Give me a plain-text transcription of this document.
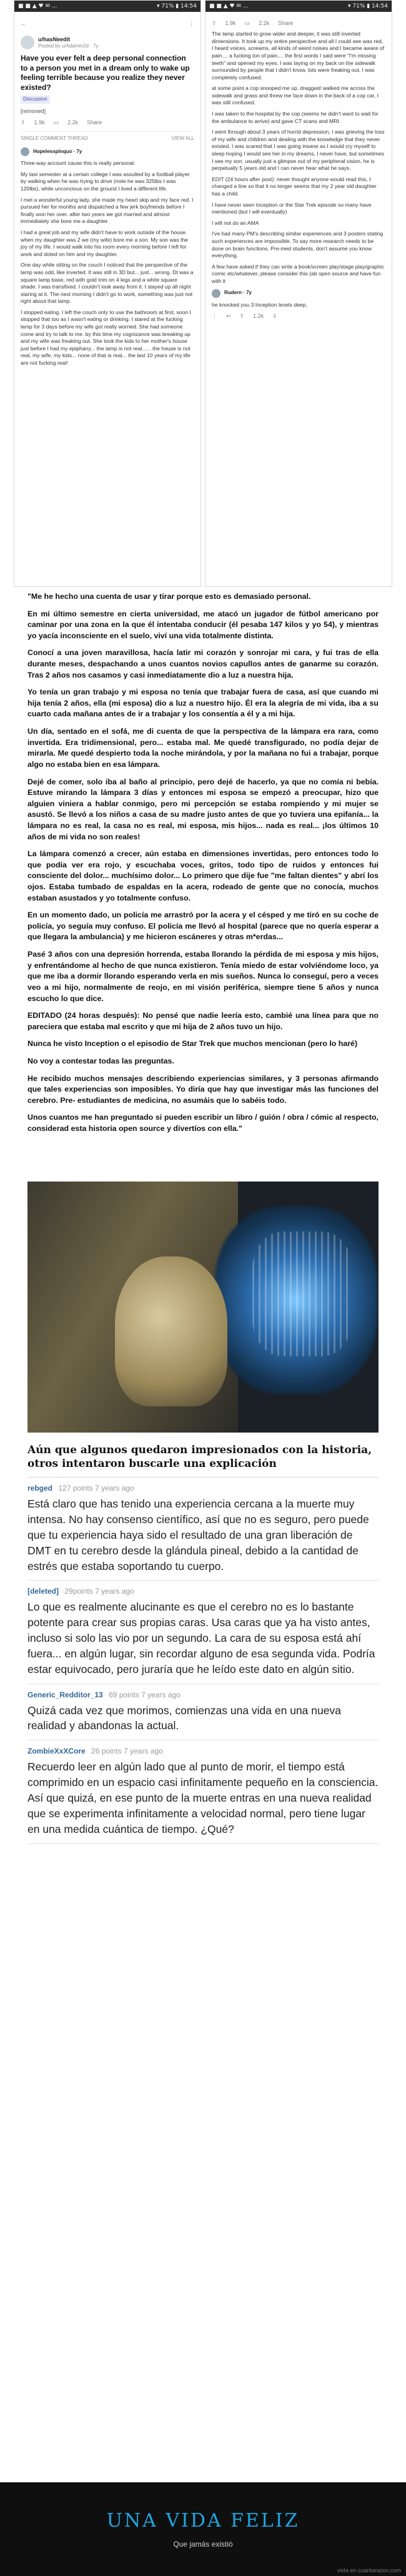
■ ■ ▲ ♥ ✉ ...	▾ 71% ▮ 14:54
←	⋮
u/hasNeedit
Posted by u/Adamm2d · 7y
Have you ever felt a deep personal connection to a person you met in a dream only to wake up feeling terrible because you realize they never existed?
Discussion
[removed]
⇧ 1.9k ▭ 2.2k Share
SINGLE COMMENT THREAD	VIEW ALL
Hopelesspinquo · 7y

Three-way account cause this is really personal.

My last semester at a certain college I was assulted by a football player by walking when he was trying to drive (note he was 325lbs I was 120lbs), while unconcious on the ground I lived a different life.

I met a wonderful young lady, she made my heart skip and my face red. I pursued her for months and dispatched a few jerk boyfriends before I finally won her over. after two years we got married and almost immediately she bore me a daughter.

I had a great job and my wife didn't have to work outside of the house. when my daughter was 2 we (my wife) bore me a son. My son was the joy of my life. I would walk into his room every morning before I left for work and doted on him and my daughter.

One day while sitting on the couch I noticed that the perspective of the lamp was odd, like inverted. It was still in 3D but... just... wrong. Dt was a square lamp base, red with gold trim on 4 legs and a white square shade. I was transfixed. I couldn't look away from it. I stayed up all night staring at it. The next morning I didn't go to work, something was just not right about that lamp.

I stopped eating. I left the couch only to use the bathroom at first, soon I stopped that too as I wasn't eating or drinking. I stared at the fucking lamp for 3 days before my wife got really worried. She had someone come and try to talk to me. by this time my cognizance was breaking up and my wife was freaking out. She took the kids to her mother's house just before I had my epiphany... the lamp is not real...... the house is not real, my wife, my kids... none of that is real... the last 10 years of my life are not fucking real!

■ ■ ▲ ♥ ✉ ...	▾ 71% ▮ 14:54
⇧ 1.9k ▭ 2.2k Share

The lamp started to grow wider and deeper, it was still inverted dimensions. It took up my entire perspective and all I could see was red, I heard voices, screams, all kinds of weird noises and I became aware of pain.... a fucking ton of pain.... the first words I said were "I'm missing teeth" and opened my eyes. I was laying on my back on the sidewalk surrounded by people that I didn't know, lots were freaking out, I was completely confused.

at some point a cop snooped me up, dragged/ walked me across the sidewalk and grass and threw me face down in the back of a cop car, I was still confused.

I was taken to the hospital by the cop (seems he didn't want to wait for the ambulance to arrive) and gave CT scans and MRI.

I went through about 3 years of horrid depression, I was grieving the loss of my wife and children and dealing with the knowledge that they never existed. I was scared that I was going insane as I would cry myself to sleep hoping I would see her in my dreams, I never have, but sometimes I see my son. usually just a glimpse out of my peripheral vision. he is perpetually 5 years old and I can never hear what he says.

EDIT (24 hours after post): never thought anyone would read this, I changed a line so that it no longer seems that my 2 year old daughter has a child.

I have never seen Inception or the Star Trek episode so many have mentioned (but I will eventually)

I will not do an AMA

I've had many PM's describing similar experiences and 3 posters stating such experiences are impossible. To say more research needs to be done on brain functions. Pre-med students, don't assume you know everything.

A few have asked if they can write a book/screen play/stage play/graphic comic etc/whatever, please consider this (ab open source and have fun with it

Rudern · 7y

he knocked you 3 Inception levels deep.

⋮ ↩ ⇧ 1.2k ⇩

"Me he hecho una cuenta de usar y tirar porque esto es demasiado personal.

En mi último semestre en cierta universidad, me atacó un jugador de fútbol americano por caminar por una zona en la que él intentaba conducir (él pesaba 147 kilos y yo 54), y mientras yo yacía inconsciente en el suelo, viví una vida totalmente distinta.

Conocí a una joven maravillosa, hacía latir mi corazón y sonrojar mi cara, y fui tras de ella durante meses, despachando a unos cuantos novios capullos antes de ganarme su corazón. Tras 2 años nos casamos y casi inmediatamente dio a luz a nuestra hija.

Yo tenía un gran trabajo y mi esposa no tenía que trabajar fuera de casa, así que cuando mi hija tenía 2 años, ella (mi esposa) dio a luz a nuestro hijo. Él era la alegría de mi vida, iba a su cuarto cada mañana antes de ir a trabajar y los consentía a él y a mi hija.

Un día, sentado en el sofá, me di cuenta de que la perspectiva de la lámpara era rara, como invertida. Era tridimensional, pero... estaba mal. Me quedé transfigurado, no podía dejar de mirarla. Me quedé despierto toda la noche mirándola, y por la mañana no fui a trabajar, porque algo no estaba bien en esa lámpara.

Dejé de comer, solo iba al baño al principio, pero dejé de hacerlo, ya que no comía ni bebía. Estuve mirando la lámpara 3 días y entonces mi esposa se empezó a preocupar, hizo que alguien viniera a hablar conmigo, pero mi percepción se estaba rompiendo y mi mujer se asustó. Se llevó a los niños a casa de su madre justo antes de que yo tuviera una epifanía... la lámpara no es real, la casa no es real, mi esposa, mis hijos... nada es real... ¡los últimos 10 años de mi vida no son reales!

La lámpara comenzó a crecer, aún estaba en dimensiones invertidas, pero entonces todo lo que podía ver era rojo, y escuchaba voces, gritos, todo tipo de ruidos y entonces fui consciente del dolor... muchísimo dolor... Lo primero que dije fue "me faltan dientes" y abrí los ojos. Estaba tumbado de espaldas en la acera, rodeado de gente que no conocía, muchos estaban asustados y yo totalmente confuso.

En un momento dado, un policía me arrastró por la acera y el césped y me tiró en su coche de policía, yo seguía muy confuso. El policía me llevó al hospital (parece que no quería esperar a que llegara la ambulancia) y me hicieron escáneres y otras m*erdas...

Pasé 3 años con una depresión horrenda, estaba llorando la pérdida de mi esposa y mis hijos, y enfrentándome al hecho de que nunca existieron. Tenía miedo de estar volviéndome loco, ya que me iba a dormir llorando esperando verla en mis sueños. Nunca lo conseguí, pero a veces veo a mi hijo, normalmente de reojo, en mi visión periférica, siempre tiene 5 años y nunca escucho lo que dice.

EDITADO (24 horas después): No pensé que nadie leería esto, cambié una línea para que no pareciera que estaba mal escrito y que mi hija de 2 años tuvo un hijo.

Nunca he visto Inception o el episodio de Star Trek que muchos mencionan (pero lo haré)

No voy a contestar todas las preguntas.

He recibido muchos mensajes describiendo experiencias similares, y 3 personas afirmando que tales experiencias son imposibles. Yo diría que hay que investigar más las funciones del cerebro. Pre- estudiantes de medicina, no asumáis que lo sabéis todo.

Unos cuantos me han preguntado si pueden escribir un libro / guión / obra / cómic al respecto, considerad esta historia open source y divertíos con ella."

Aún que algunos quedaron impresionados con la historia, otros intentaron buscarle una explicación
rebged 127 points 7 years ago
Está claro que has tenido una experiencia cercana a la muerte muy intensa. No hay consenso científico, así que no es seguro, pero puede que tu experiencia haya sido el resultado de una gran liberación de DMT en tu cerebro desde la glándula pineal, debido a la cantidad de estrés que estaba soportando tu cuerpo.
[deleted] 29points 7 years ago
Lo que es realmente alucinante es que el cerebro no es lo bastante potente para crear sus propias caras. Usa caras que ya ha visto antes, incluso si solo las vio por un segundo. La cara de su esposa está ahí fuera... en algún lugar, sin recordar alguno de esa segunda vida. Podría estar equivocado, pero juraría que he leído este dato en algún sitio.
Generic_Redditor_13 69 points 7 years ago
Quizá cada vez que morimos, comienzas una vida en una nueva realidad y abandonas la actual.
ZombieXxXCore 26 points 7 years ago
Recuerdo leer en algún lado que al punto de morir, el tiempo está comprimido en un espacio casi infinitamente pequeño en la consciencia. Así que quizá, en ese punto de la muerte entras en una nueva realidad que se experimenta infinitamente a velocidad normal, pero tiene lugar en una medida cuántica de tiempo. ¿Qué?
UNA VIDA FELIZ
Que jamás existió
vista en cuantarazon.com
